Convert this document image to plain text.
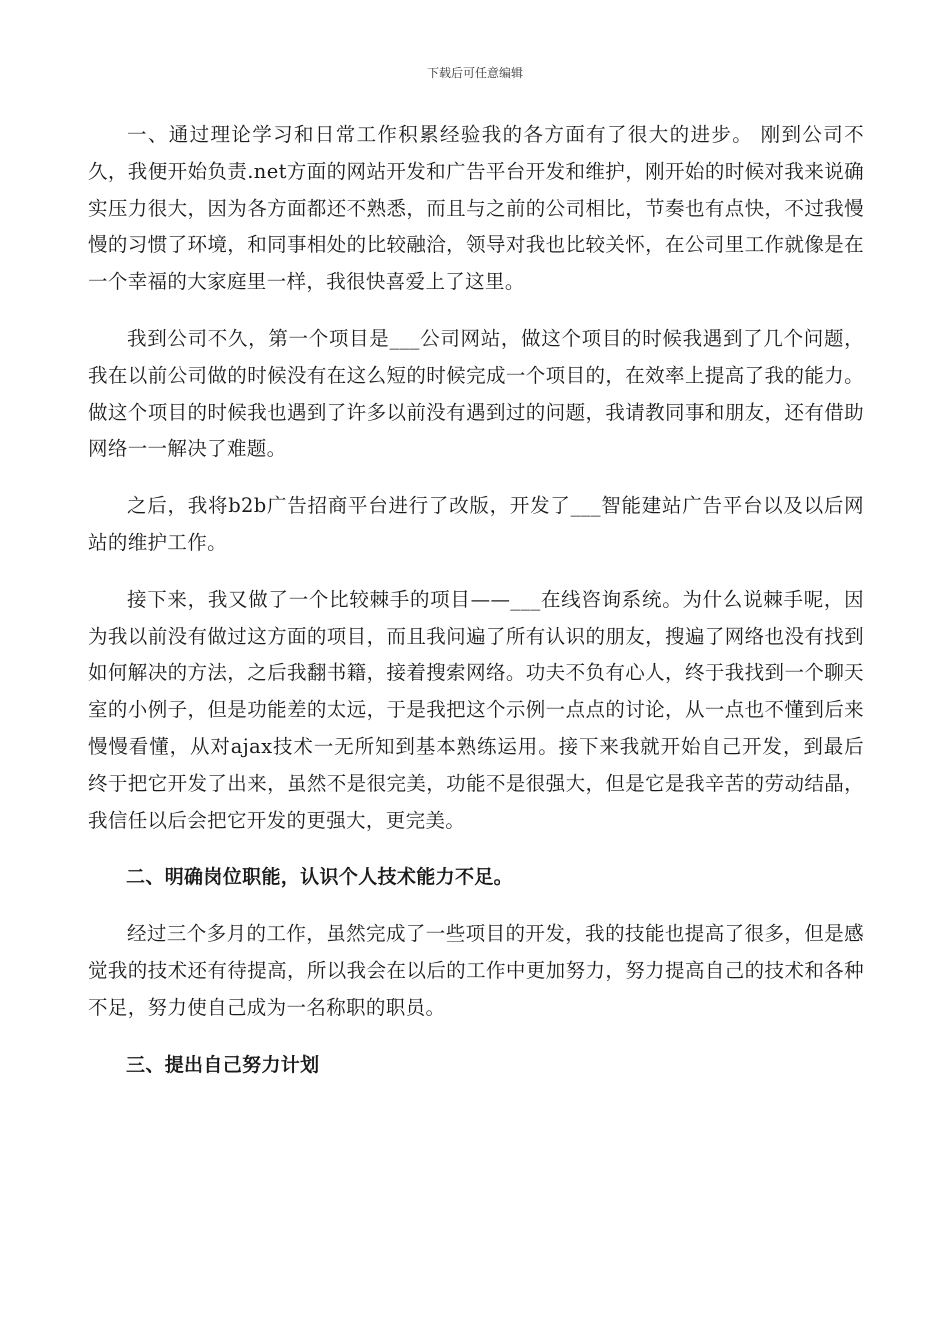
下载后可任意编辑

一、通过理论学习和日常工作积累经验我的各方面有了很大的进步。 刚到公司不久，我便开始负责.net方面的网站开发和广告平台开发和维护，刚开始的时候对我来说确实压力很大，因为各方面都还不熟悉，而且与之前的公司相比，节奏也有点快，不过我慢慢的习惯了环境，和同事相处的比较融洽，领导对我也比较关怀，在公司里工作就像是在一个幸福的大家庭里一样，我很快喜爱上了这里。

我到公司不久，第一个项目是___公司网站，做这个项目的时候我遇到了几个问题，我在以前公司做的时候没有在这么短的时候完成一个项目的，在效率上提高了我的能力。做这个项目的时候我也遇到了许多以前没有遇到过的问题，我请教同事和朋友，还有借助网络一一解决了难题。

之后，我将b2b广告招商平台进行了改版，开发了___智能建站广告平台以及以后网站的维护工作。

接下来，我又做了一个比较棘手的项目——___在线咨询系统。为什么说棘手呢，因为我以前没有做过这方面的项目，而且我问遍了所有认识的朋友，搜遍了网络也没有找到如何解决的方法，之后我翻书籍，接着搜索网络。功夫不负有心人，终于我找到一个聊天室的小例子，但是功能差的太远，于是我把这个示例一点点的讨论，从一点也不懂到后来慢慢看懂，从对ajax技术一无所知到基本熟练运用。接下来我就开始自己开发，到最后终于把它开发了出来，虽然不是很完美，功能不是很强大，但是它是我辛苦的劳动结晶，我信任以后会把它开发的更强大，更完美。

二、明确岗位职能，认识个人技术能力不足。

经过三个多月的工作，虽然完成了一些项目的开发，我的技能也提高了很多，但是感觉我的技术还有待提高，所以我会在以后的工作中更加努力，努力提高自己的技术和各种不足，努力使自己成为一名称职的职员。

三、提出自己努力计划
